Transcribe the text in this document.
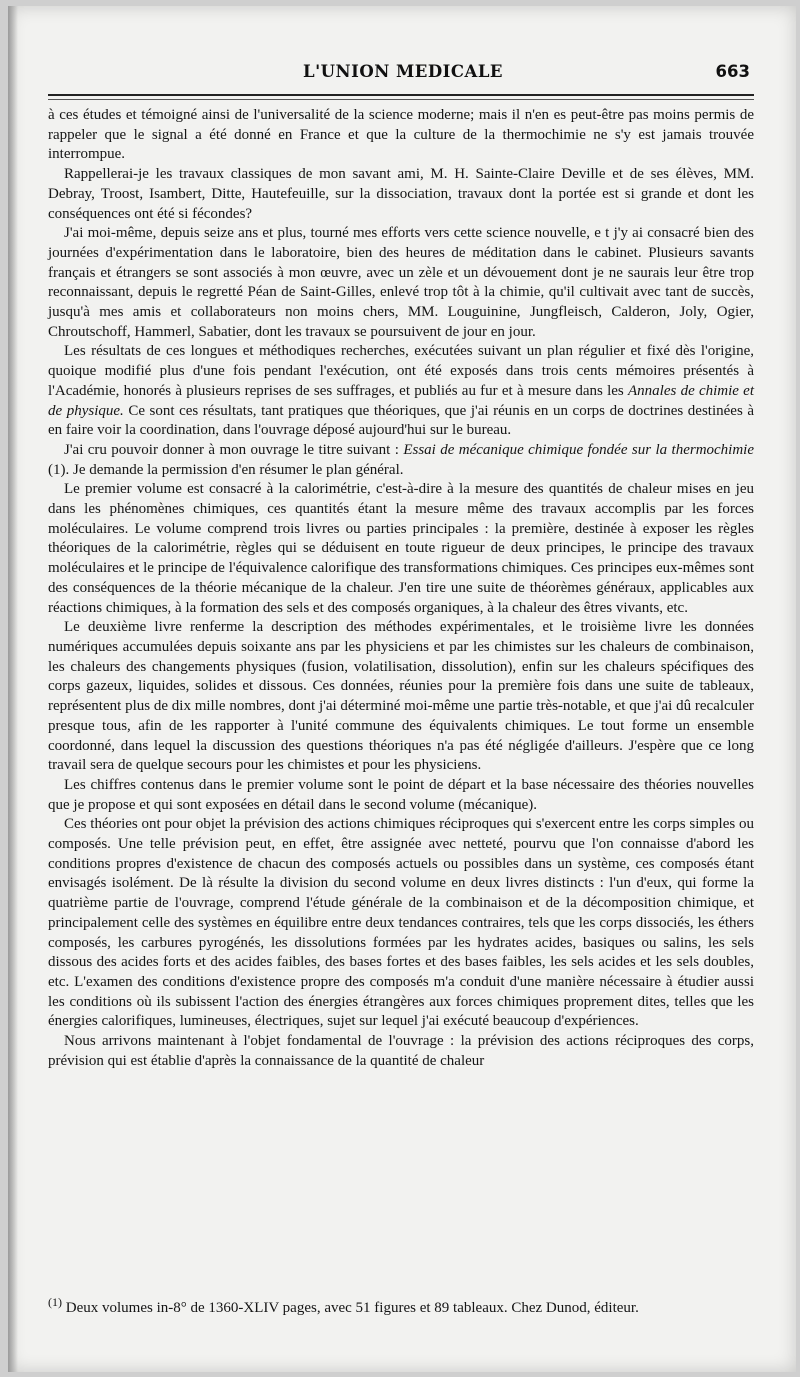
L'UNION MEDICALE	663

à ces études et témoigné ainsi de l'universalité de la science moderne; mais il n'en es peut-être pas moins permis de rappeler que le signal a été donné en France et que la culture de la thermochimie ne s'y est jamais trouvée interrompue.

Rappellerai-je les travaux classiques de mon savant ami, M. H. Sainte-Claire Deville et de ses élèves, MM. Debray, Troost, Isambert, Ditte, Hautefeuille, sur la dissociation, travaux dont la portée est si grande et dont les conséquences ont été si fécondes?

J'ai moi-même, depuis seize ans et plus, tourné mes efforts vers cette science nouvelle, e t j'y ai consacré bien des journées d'expérimentation dans le laboratoire, bien des heures de méditation dans le cabinet. Plusieurs savants français et étrangers se sont associés à mon œuvre, avec un zèle et un dévouement dont je ne saurais leur être trop reconnaissant, depuis le regretté Péan de Saint-Gilles, enlevé trop tôt à la chimie, qu'il cultivait avec tant de succès, jusqu'à mes amis et collaborateurs non moins chers, MM. Louguinine, Jungfleisch, Calderon, Joly, Ogier, Chroutschoff, Hammerl, Sabatier, dont les travaux se poursuivent de jour en jour.

Les résultats de ces longues et méthodiques recherches, exécutées suivant un plan régulier et fixé dès l'origine, quoique modifié plus d'une fois pendant l'exécution, ont été exposés dans trois cents mémoires présentés à l'Académie, honorés à plusieurs reprises de ses suffrages, et publiés au fur et à mesure dans les Annales de chimie et de physique. Ce sont ces résultats, tant pratiques que théoriques, que j'ai réunis en un corps de doctrines destinées à en faire voir la coordination, dans l'ouvrage déposé aujourd'hui sur le bureau.

J'ai cru pouvoir donner à mon ouvrage le titre suivant : Essai de mécanique chimique fondée sur la thermochimie (1). Je demande la permission d'en résumer le plan général.

Le premier volume est consacré à la calorimétrie, c'est-à-dire à la mesure des quantités de chaleur mises en jeu dans les phénomènes chimiques, ces quantités étant la mesure même des travaux accomplis par les forces moléculaires. Le volume comprend trois livres ou parties principales : la première, destinée à exposer les règles théoriques de la calorimétrie, règles qui se déduisent en toute rigueur de deux principes, le principe des travaux moléculaires et le principe de l'équivalence calorifique des transformations chimiques. Ces principes eux-mêmes sont des conséquences de la théorie mécanique de la chaleur. J'en tire une suite de théorèmes généraux, applicables aux réactions chimiques, à la formation des sels et des composés organiques, à la chaleur des êtres vivants, etc.

Le deuxième livre renferme la description des méthodes expérimentales, et le troisième livre les données numériques accumulées depuis soixante ans par les physiciens et par les chimistes sur les chaleurs de combinaison, les chaleurs des changements physiques (fusion, volatilisation, dissolution), enfin sur les chaleurs spécifiques des corps gazeux, liquides, solides et dissous. Ces données, réunies pour la première fois dans une suite de tableaux, représentent plus de dix mille nombres, dont j'ai déterminé moi-même une partie très-notable, et que j'ai dû recalculer presque tous, afin de les rapporter à l'unité commune des équivalents chimiques. Le tout forme un ensemble coordonné, dans lequel la discussion des questions théoriques n'a pas été négligée d'ailleurs. J'espère que ce long travail sera de quelque secours pour les chimistes et pour les physiciens.

Les chiffres contenus dans le premier volume sont le point de départ et la base nécessaire des théories nouvelles que je propose et qui sont exposées en détail dans le second volume (mécanique).

Ces théories ont pour objet la prévision des actions chimiques réciproques qui s'exercent entre les corps simples ou composés. Une telle prévision peut, en effet, être assignée avec netteté, pourvu que l'on connaisse d'abord les conditions propres d'existence de chacun des composés actuels ou possibles dans un système, ces composés étant envisagés isolément. De là résulte la division du second volume en deux livres distincts : l'un d'eux, qui forme la quatrième partie de l'ouvrage, comprend l'étude générale de la combinaison et de la décomposition chimique, et principalement celle des systèmes en équilibre entre deux tendances contraires, tels que les corps dissociés, les éthers composés, les carbures pyrogénés, les dissolutions formées par les hydrates acides, basiques ou salins, les sels dissous des acides forts et des acides faibles, des bases fortes et des bases faibles, les sels acides et les sels doubles, etc. L'examen des conditions d'existence propre des composés m'a conduit d'une manière nécessaire à étudier aussi les conditions où ils subissent l'action des énergies étrangères aux forces chimiques proprement dites, telles que les énergies calorifiques, lumineuses, électriques, sujet sur lequel j'ai exécuté beaucoup d'expériences.

Nous arrivons maintenant à l'objet fondamental de l'ouvrage : la prévision des actions réciproques des corps, prévision qui est établie d'après la connaissance de la quantité de chaleur

$^{(1)}$ Deux volumes in-8° de 1360-XLIV pages, avec 51 figures et 89 tableaux. Chez Dunod, éditeur.
